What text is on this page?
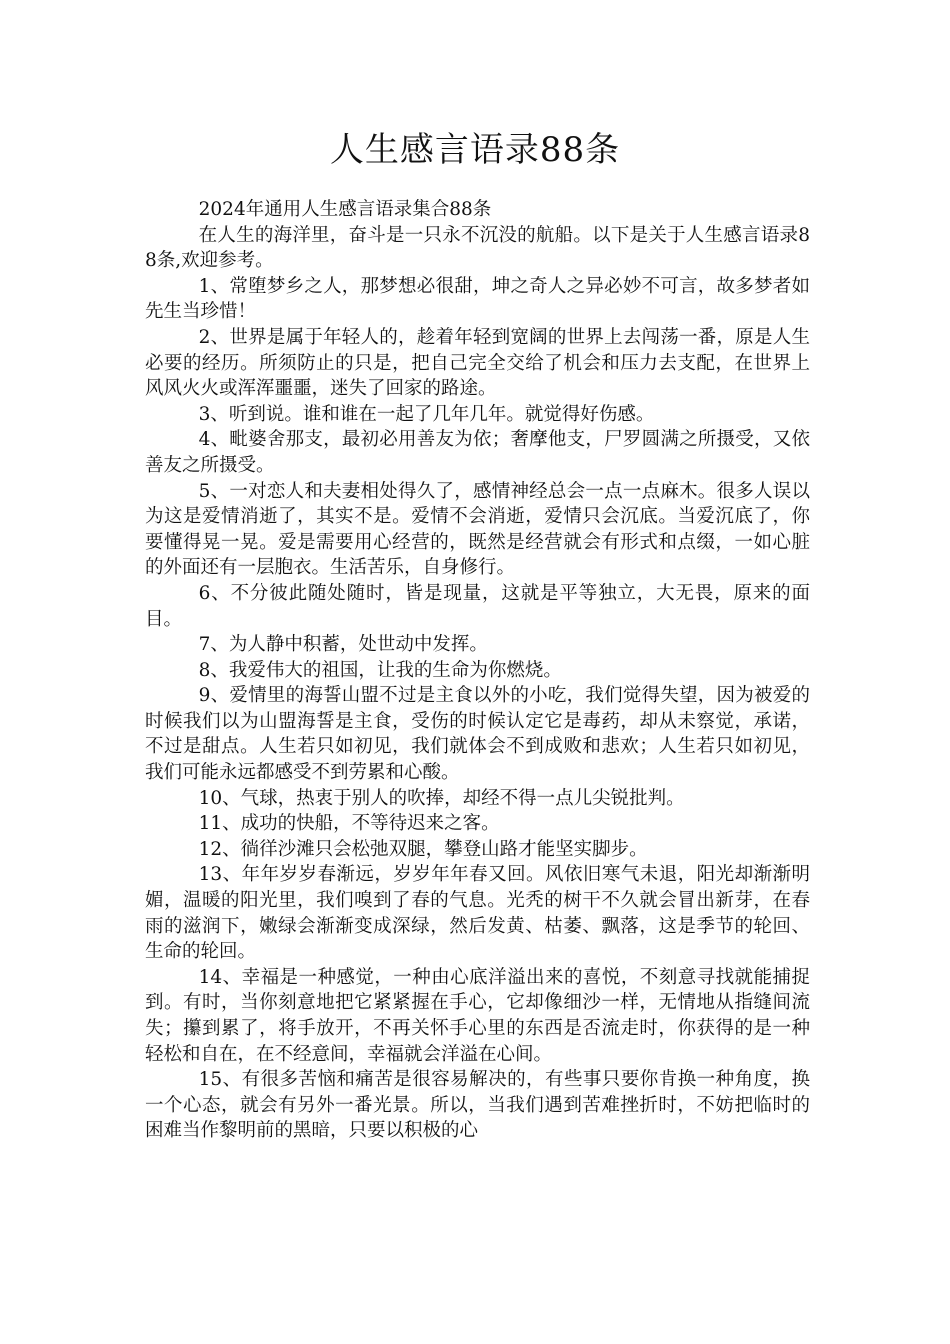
人生感言语录88条

2024年通用人生感言语录集合88条

在人生的海洋里，奋斗是一只永不沉没的航船。以下是关于人生感言语录88条,欢迎参考。

1、常堕梦乡之人，那梦想必很甜，坤之奇人之异必妙不可言，故多梦者如先生当珍惜！

2、世界是属于年轻人的，趁着年轻到宽阔的世界上去闯荡一番，原是人生必要的经历。所须防止的只是，把自己完全交给了机会和压力去支配，在世界上风风火火或浑浑噩噩，迷失了回家的路途。

3、听到说。谁和谁在一起了几年几年。就觉得好伤感。

4、毗婆舍那支，最初必用善友为依；奢摩他支，尸罗圆满之所摄受，又依善友之所摄受。

5、一对恋人和夫妻相处得久了，感情神经总会一点一点麻木。很多人误以为这是爱情消逝了，其实不是。爱情不会消逝，爱情只会沉底。当爱沉底了，你要懂得晃一晃。爱是需要用心经营的，既然是经营就会有形式和点缀，一如心脏的外面还有一层胞衣。生活苦乐，自身修行。

6、不分彼此随处随时，皆是现量，这就是平等独立，大无畏，原来的面目。

7、为人静中积蓄，处世动中发挥。

8、我爱伟大的祖国，让我的生命为你燃烧。

9、爱情里的海誓山盟不过是主食以外的小吃，我们觉得失望，因为被爱的时候我们以为山盟海誓是主食，受伤的时候认定它是毒药，却从未察觉，承诺，不过是甜点。人生若只如初见，我们就体会不到成败和悲欢；人生若只如初见，我们可能永远都感受不到劳累和心酸。

10、气球，热衷于别人的吹捧，却经不得一点儿尖锐批判。

11、成功的快船，不等待迟来之客。

12、徜徉沙滩只会松弛双腿，攀登山路才能坚实脚步。

13、年年岁岁春渐远，岁岁年年春又回。风依旧寒气未退，阳光却渐渐明媚，温暖的阳光里，我们嗅到了春的气息。光秃的树干不久就会冒出新芽，在春雨的滋润下，嫩绿会渐渐变成深绿，然后发黄、枯萎、飘落，这是季节的轮回、生命的轮回。

14、幸福是一种感觉，一种由心底洋溢出来的喜悦，不刻意寻找就能捕捉到。有时，当你刻意地把它紧紧握在手心，它却像细沙一样，无情地从指缝间流失；攥到累了，将手放开，不再关怀手心里的东西是否流走时，你获得的是一种轻松和自在，在不经意间，幸福就会洋溢在心间。

15、有很多苦恼和痛苦是很容易解决的，有些事只要你肯换一种角度，换一个心态，就会有另外一番光景。所以，当我们遇到苦难挫折时，不妨把临时的困难当作黎明前的黑暗，只要以积极的心
